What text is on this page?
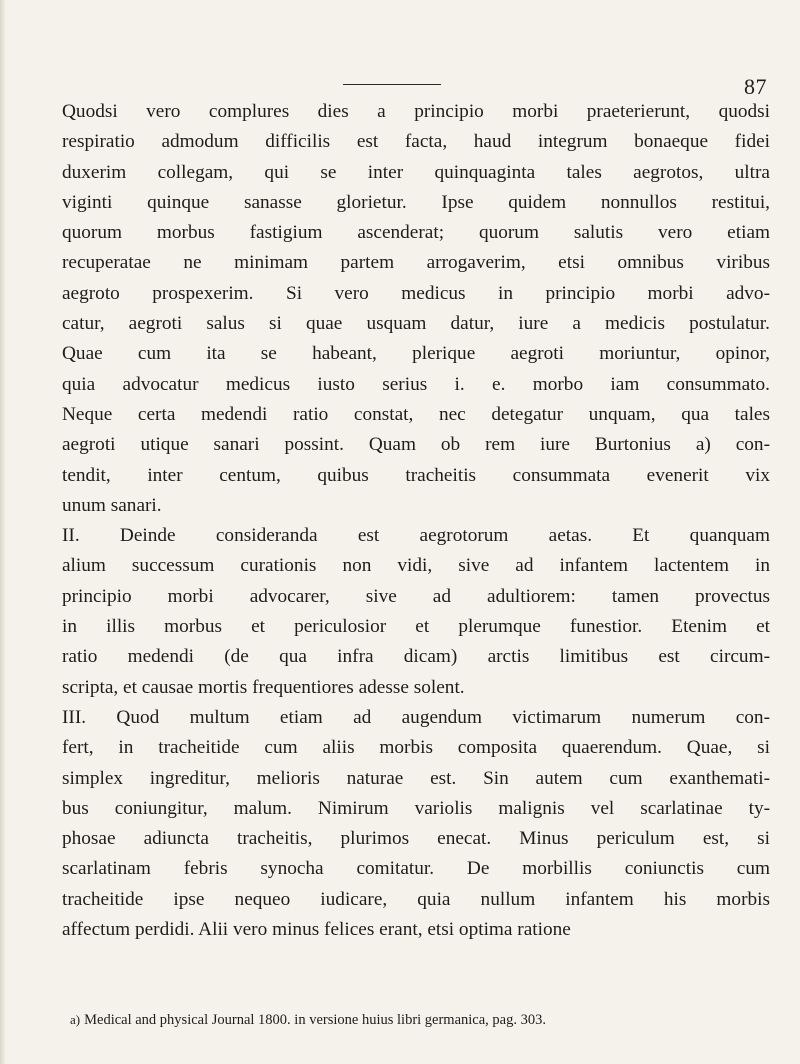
87
Quodsi vero complures dies a principio morbi praeterierunt, quodsi
respiratio admodum difficilis est facta, haud integrum bonaeque fidei
duxerim collegam, qui se inter quinquaginta tales aegrotos, ultra
viginti quinque sanasse glorietur. Ipse quidem nonnullos restitui,
quorum morbus fastigium ascenderat; quorum salutis vero etiam
recuperatae ne minimam partem arrogaverim, etsi omnibus viribus
aegroto prospexerim. Si vero medicus in principio morbi advo-
catur, aegroti salus si quae usquam datur, iure a medicis postulatur.
Quae cum ita se habeant, plerique aegroti moriuntur, opinor,
quia advocatur medicus iusto serius i. e. morbo iam consummato.
Neque certa medendi ratio constat, nec detegatur unquam, qua tales
aegroti utique sanari possint. Quam ob rem iure Burtonius a) con-
tendit, inter centum, quibus tracheitis consummata evenerit vix
unum sanari.
II. Deinde consideranda est aegrotorum aetas. Et quanquam
alium successum curationis non vidi, sive ad infantem lactentem in
principio morbi advocarer, sive ad adultiorem: tamen provectus
in illis morbus et periculosior et plerumque funestior. Etenim et
ratio medendi (de qua infra dicam) arctis limitibus est circum-
scripta, et causae mortis frequentiores adesse solent.
III. Quod multum etiam ad augendum victimarum numerum con-
fert, in tracheitide cum aliis morbis composita quaerendum. Quae, si
simplex ingreditur, melioris naturae est. Sin autem cum exanthemati-
bus coniungitur, malum. Nimirum variolis malignis vel scarlatinae ty-
phosae adiuncta tracheitis, plurimos enecat. Minus periculum est, si
scarlatinam febris synocha comitatur. De morbillis coniunctis cum
tracheitide ipse nequeo iudicare, quia nullum infantem his morbis
affectum perdidi. Alii vero minus felices erant, etsi optima ratione
a) Medical and physical Journal 1800. in versione huius libri germanica, pag. 303.
